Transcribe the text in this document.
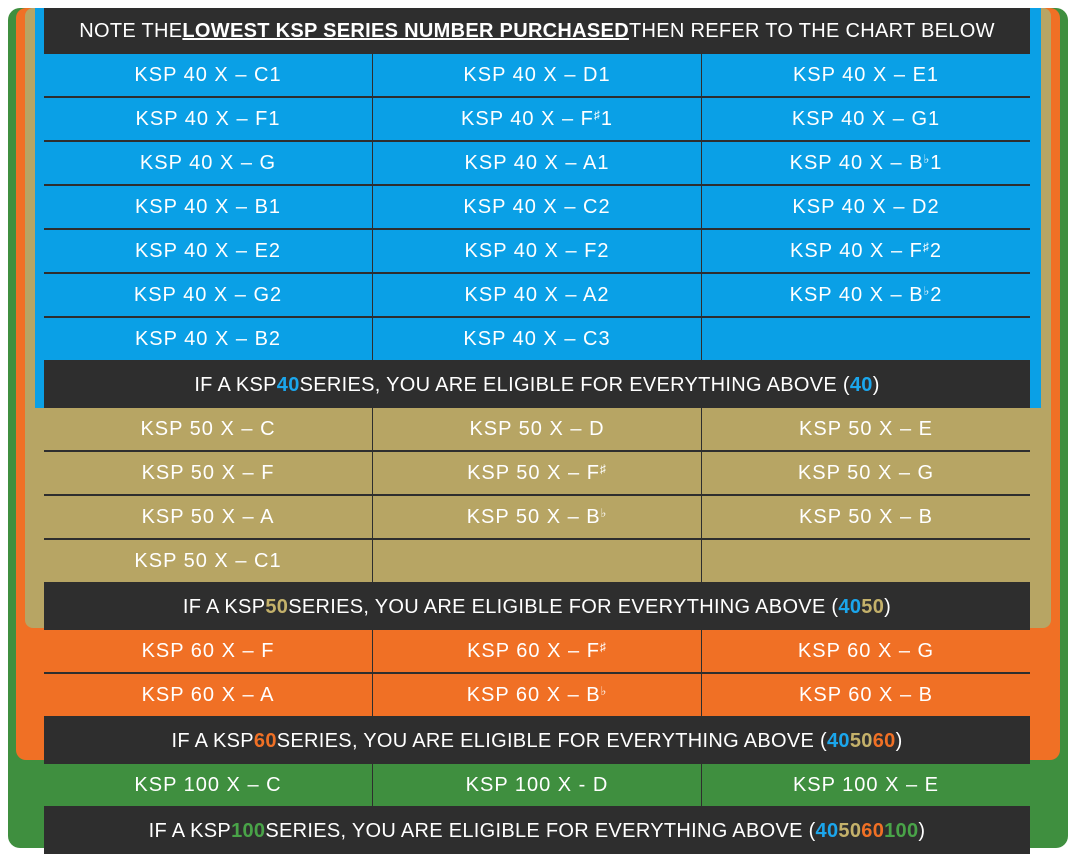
NOTE THE LOWEST KSP SERIES NUMBER PURCHASED THEN REFER TO THE CHART BELOW
KSP 40 X – C1	KSP 40 X – D1	KSP 40 X – E1
KSP 40 X – F1	KSP 40 X – F♯ 1	KSP 40 X – G1
KSP 40 X – G	KSP 40 X – A1	KSP 40 X – B♭ 1
KSP 40 X – B1	KSP 40 X – C2	KSP 40 X – D2
KSP 40 X – E2	KSP 40 X – F2	KSP 40 X – F♯ 2
KSP 40 X – G2	KSP 40 X – A2	KSP 40 X – B♭ 2
KSP 40 X – B2	KSP 40 X – C3
IF A KSP 40 SERIES, YOU ARE ELIGIBLE FOR EVERYTHING ABOVE ( 40 )
KSP 50 X – C	KSP 50 X – D	KSP 50 X – E
KSP 50 X – F	KSP 50 X – F♯	KSP 50 X – G
KSP 50 X – A	KSP 50 X – B♭	KSP 50 X – B
KSP 50 X – C1
IF A KSP 50 SERIES, YOU ARE ELIGIBLE FOR EVERYTHING ABOVE ( 40 50 )
KSP 60 X – F	KSP 60 X – F♯	KSP 60 X – G
KSP 60 X – A	KSP 60 X – B♭	KSP 60 X – B
IF A KSP 60 SERIES, YOU ARE ELIGIBLE FOR EVERYTHING ABOVE ( 40 50 60 )
KSP 100 X – C	KSP 100 X - D	KSP 100 X – E
IF A KSP 100 SERIES, YOU ARE ELIGIBLE FOR EVERYTHING ABOVE ( 40 50 60 100 )
